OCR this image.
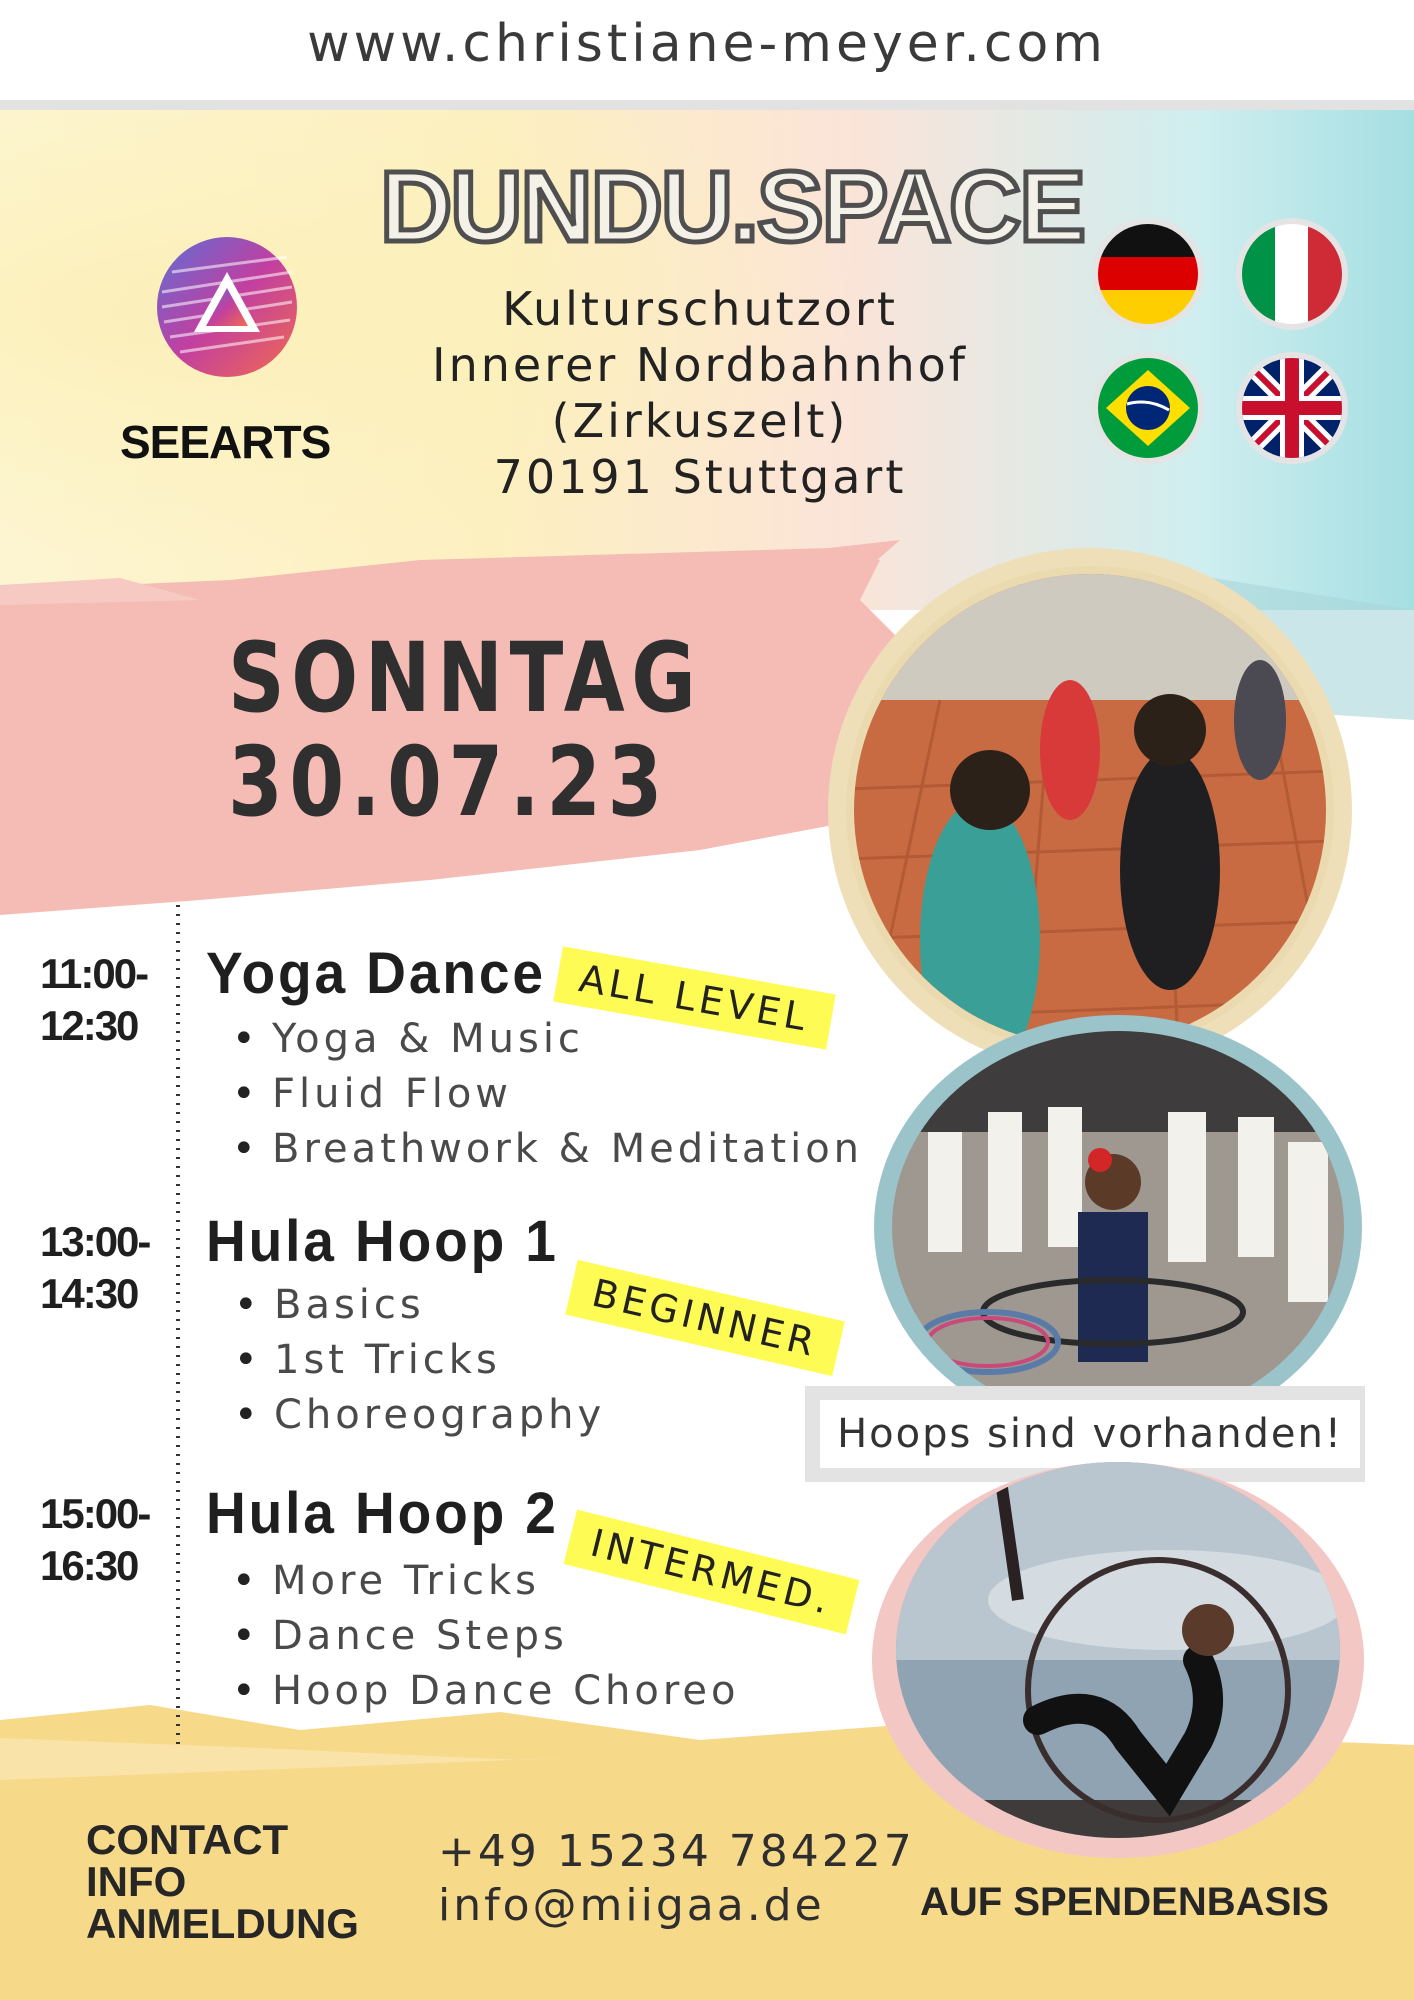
www.christiane-meyer.com
SEEARTS
DUNDU.SPACE
Kulturschutzort
Innerer Nordbahnhof
(Zirkuszelt)
70191 Stuttgart
SONNTAG
30.07.23
Hoops sind vorhanden!
11:00-
12:30
Yoga Dance
• Yoga & Music
• Fluid Flow
• Breathwork & Meditation
ALL LEVEL
13:00-
14:30
Hula Hoop 1
• Basics
• 1st Tricks
• Choreography
BEGINNER
15:00-
16:30
Hula Hoop 2
• More Tricks
• Dance Steps
• Hoop Dance Choreo
INTERMED.
CONTACT
INFO
ANMELDUNG
+49 15234 784227
info@miigaa.de AUF SPENDENBASIS
